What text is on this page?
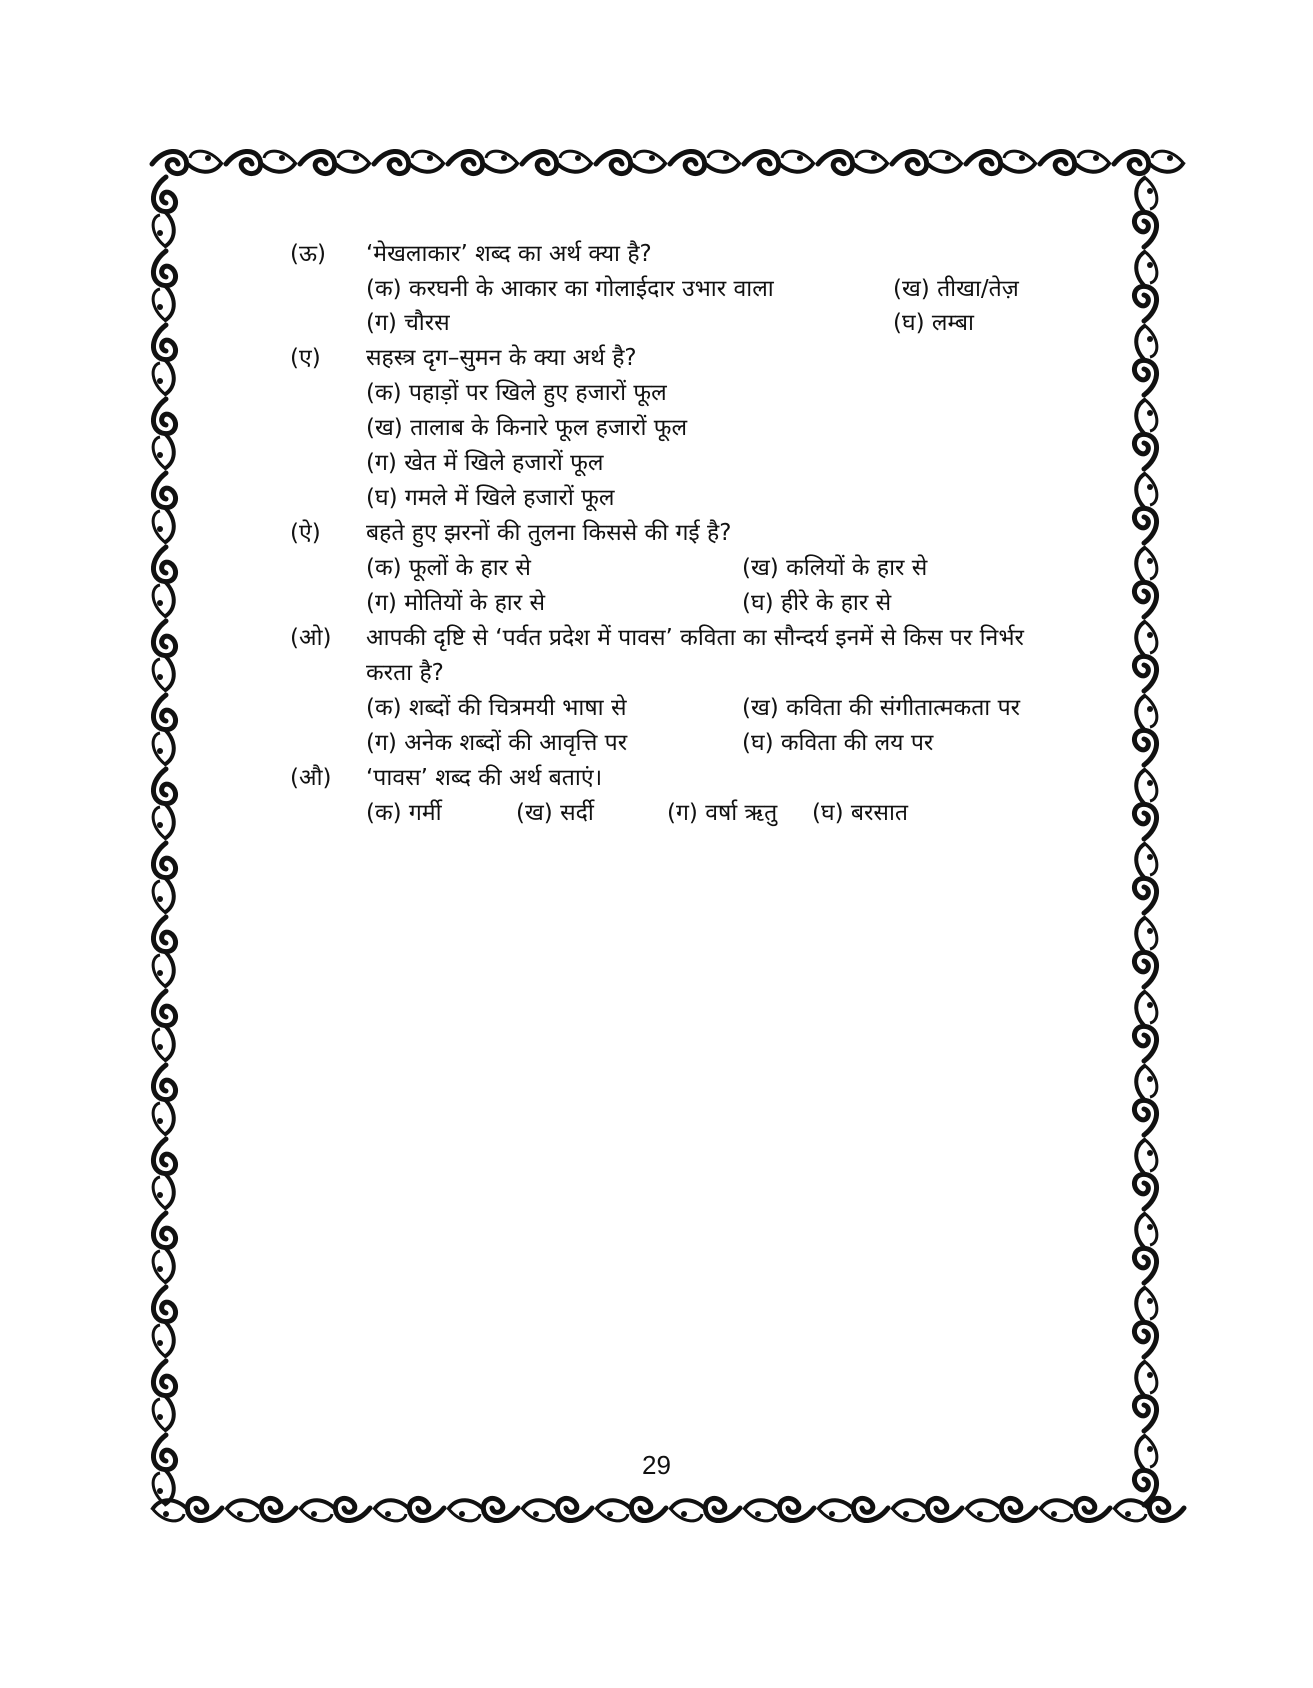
(ऊ) ‘मेखलाकार’ शब्द का अर्थ क्या है?
(क) करघनी के आकार का गोलाईदार उभार वाला	(ख) तीखा/तेज़
(ग) चौरस	(घ) लम्बा
(ए) सहस्त्र दृग–सुमन के क्या अर्थ है?
(क) पहाड़ों पर खिले हुए हजारों फूल
(ख) तालाब के किनारे फूल हजारों फूल
(ग) खेत में खिले हजारों फूल
(घ) गमले में खिले हजारों फूल
(ऐ) बहते हुए झरनों की तुलना किससे की गई है?
(क) फूलों के हार से	(ख) कलियों के हार से
(ग) मोतियों के हार से	(घ) हीरे के हार से
(ओ) आपकी दृष्टि से ‘पर्वत प्रदेश में पावस’ कविता का सौन्दर्य इनमें से किस पर निर्भर
करता है?
(क) शब्दों की चित्रमयी भाषा से	(ख) कविता की संगीतात्मकता पर
(ग) अनेक शब्दों की आवृत्ति पर	(घ) कविता की लय पर
(औ) ‘पावस’ शब्द की अर्थ बताएं।
(क) गर्मी	(ख) सर्दी	(ग) वर्षा ऋतु (घ) बरसात
29
